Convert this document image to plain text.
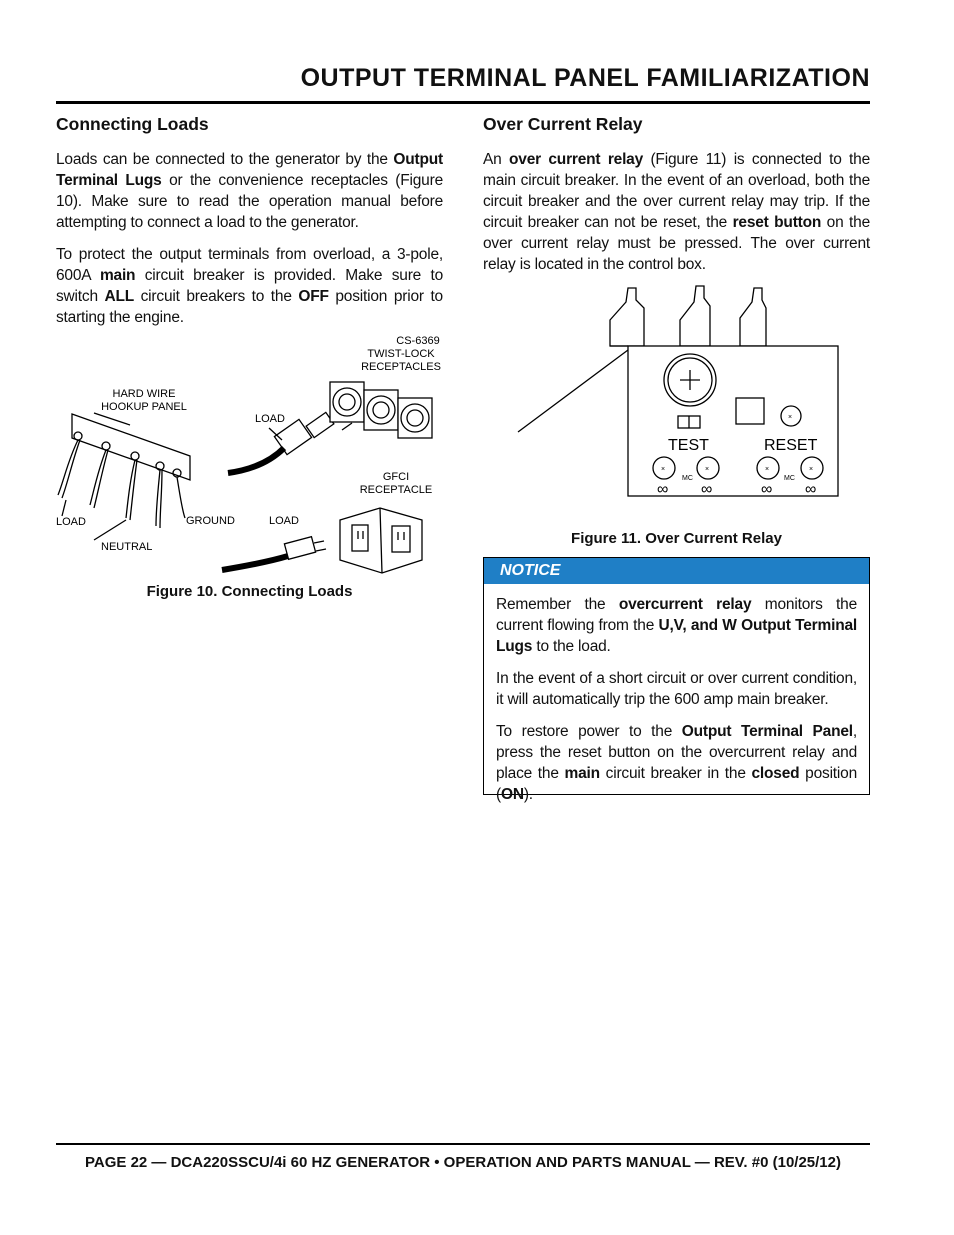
OUTPUT TERMINAL PANEL FAMILIARIZATION
Connecting Loads

Loads can be connected to the generator by the Output Terminal Lugs or the convenience receptacles (Figure 10). Make sure to read the operation manual before attempting to connect a load to the generator.

To protect the output terminals from overload, a 3-pole, 600A main circuit breaker is provided. Make sure to switch ALL circuit breakers to the OFF position prior to starting the engine.

CS-6369
TWIST-LOCK
RECEPTACLES
HARD WIRE
HOOKUP PANEL
LOAD
GFCI
RECEPTACLE
LOAD	GROUND	LOAD
NEUTRAL
Figure 10. Connecting Loads
Over Current Relay

An over current relay (Figure 11) is connected to the main circuit breaker. In the event of an overload, both the circuit breaker and the over current relay may trip. If the circuit breaker can not be reset, the reset button on the over current relay must be pressed. The over current relay is located in the control box.

×	×	×	×
×
MC	MC
TEST	RESET
∞ ∞	∞ ∞
Figure 11. Over Current Relay
NOTICE

Remember the overcurrent relay monitors the current flowing from the U,V, and W Output Terminal Lugs to the load.

In the event of a short circuit or over current condition, it will automatically trip the 600 amp main breaker.

To restore power to the Output Terminal Panel, press the reset button on the overcurrent relay and place the main circuit breaker in the closed position (ON).

PAGE 22 — DCA220SSCU/4i 60 HZ GENERATOR • OPERATION AND PARTS MANUAL — REV. #0 (10/25/12)
